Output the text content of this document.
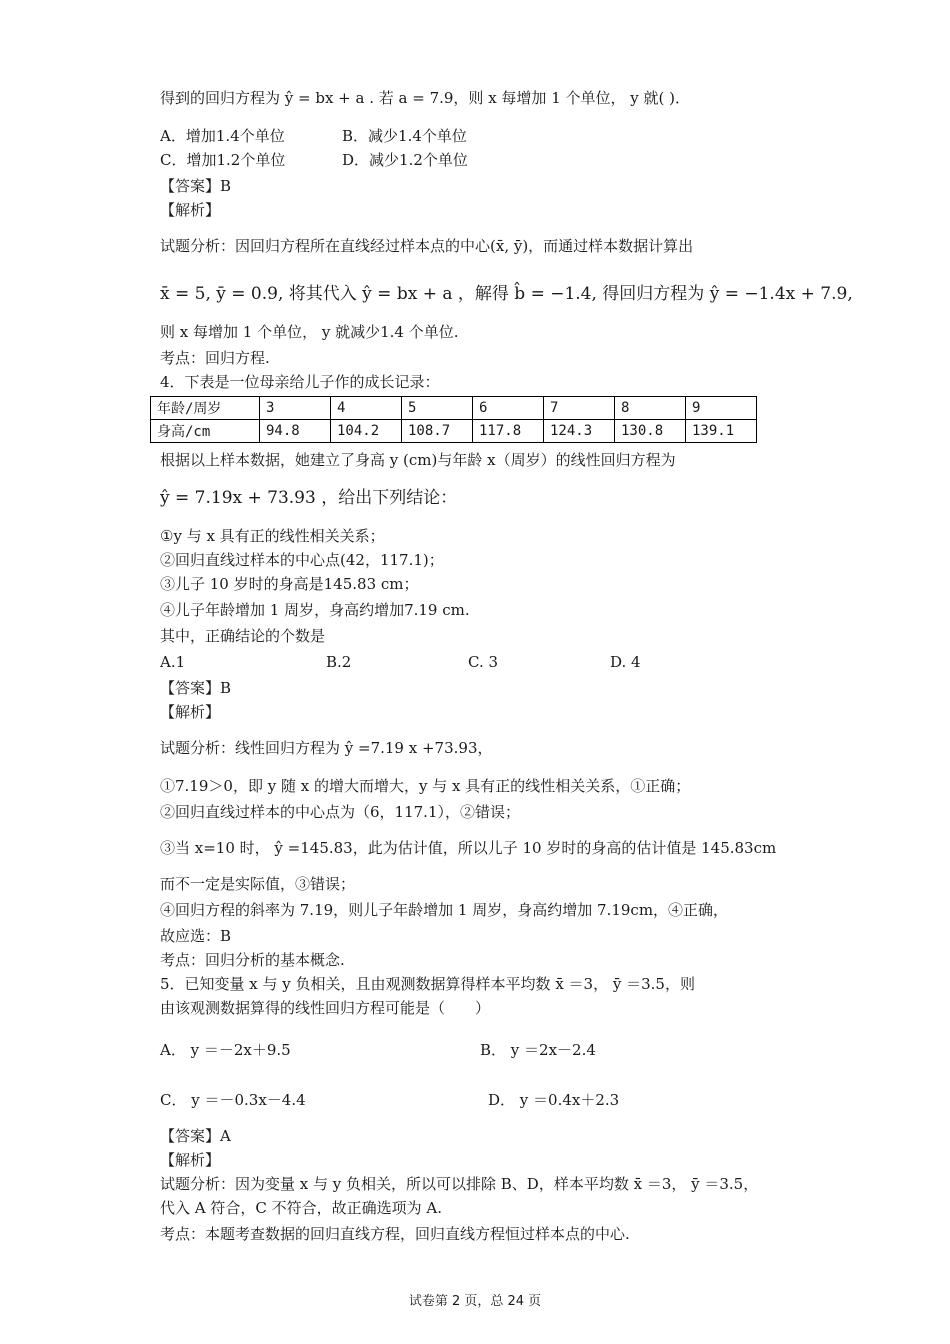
得到的回归方程为 ŷ = bx + a . 若 a = 7.9，则 x 每增加 1 个单位， y 就( )．
A．增加1.4个单位	B．减少1.4个单位
C．增加1.2个单位	D．减少1.2个单位
【答案】B
【解析】
试题分析：因回归方程所在直线经过样本点的中心(x̄, ȳ)，而通过样本数据计算出
x̄ = 5, ȳ = 0.9, 将其代入 ŷ = bx + a ，解得 b̂ = −1.4, 得回归方程为 ŷ = −1.4x + 7.9,
则 x 每增加 1 个单位， y 就减少1.4 个单位.
考点：回归方程.
4．下表是一位母亲给儿子作的成长记录：
年龄/周岁	3	4	5	6	7	8	9
身高/cm	94.8	104.2	108.7	117.8	124.3	130.8	139.1
根据以上样本数据，她建立了身高 y (cm)与年龄 x（周岁）的线性回归方程为
ŷ = 7.19x + 73.93 ，给出下列结论：
①y 与 x 具有正的线性相关关系；
②回归直线过样本的中心点(42，117.1)；
③儿子 10 岁时的身高是145.83 cm；
④儿子年龄增加 1 周岁，身高约增加7.19 cm.
其中，正确结论的个数是
A.1	B.2	C. 3	D. 4
【答案】B
【解析】
试题分析：线性回归方程为 ŷ =7.19 x +73.93，
①7.19＞0，即 y 随 x 的增大而增大，y 与 x 具有正的线性相关关系，①正确；
②回归直线过样本的中心点为（6，117.1），②错误；
③当 x=10 时， ŷ =145.83，此为估计值，所以儿子 10 岁时的身高的估计值是 145.83cm
而不一定是实际值，③错误；
④回归方程的斜率为 7.19，则儿子年龄增加 1 周岁，身高约增加 7.19cm，④正确，
故应选：B
考点：回归分析的基本概念.
5．已知变量 x 与 y 负相关，且由观测数据算得样本平均数 x̄ ＝3， ȳ ＝3.5，则
由该观测数据算得的线性回归方程可能是（　　）
A． y ＝－2x＋9.5	B． y ＝2x－2.4
C． y ＝－0.3x－4.4	D． y ＝0.4x＋2.3
【答案】A
【解析】
试题分析：因为变量 x 与 y 负相关，所以可以排除 B、D，样本平均数 x̄ ＝3， ȳ ＝3.5，
代入 A 符合，C 不符合，故正确选项为 A.
考点：本题考查数据的回归直线方程，回归直线方程恒过样本点的中心.
试卷第 2 页，总 24 页
